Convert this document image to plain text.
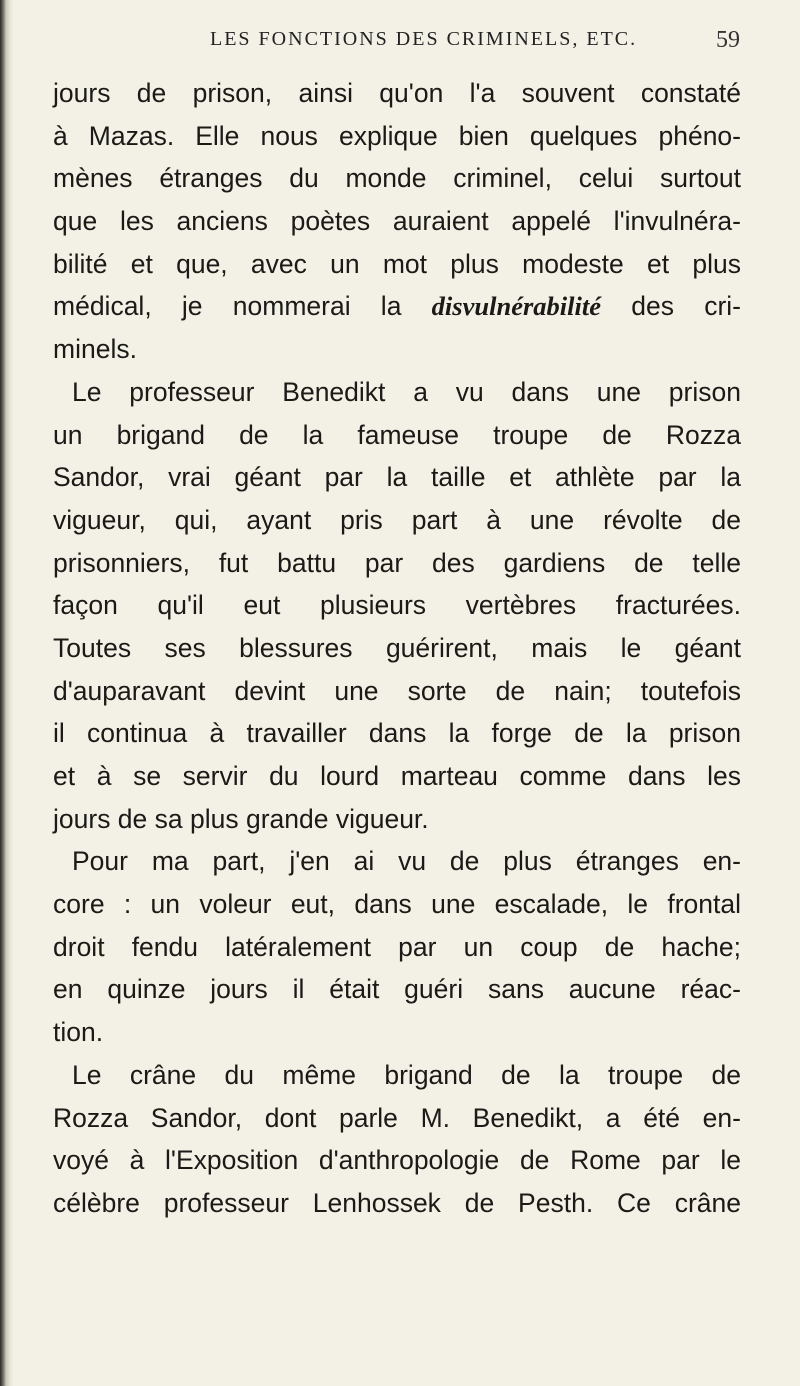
LES FONCTIONS DES CRIMINELS, ETC.	59
jours de prison, ainsi qu'on l'a souvent constaté
à Mazas. Elle nous explique bien quelques phéno-
mènes étranges du monde criminel, celui surtout
que les anciens poètes auraient appelé l'invulnéra-
bilité et que, avec un mot plus modeste et plus
médical, je nommerai la disvulnérabilité des cri-
minels.
Le professeur Benedikt a vu dans une prison
un brigand de la fameuse troupe de Rozza
Sandor, vrai géant par la taille et athlète par la
vigueur, qui, ayant pris part à une révolte de
prisonniers, fut battu par des gardiens de telle
façon qu'il eut plusieurs vertèbres fracturées.
Toutes ses blessures guérirent, mais le géant
d'auparavant devint une sorte de nain; toutefois
il continua à travailler dans la forge de la prison
et à se servir du lourd marteau comme dans les
jours de sa plus grande vigueur.
Pour ma part, j'en ai vu de plus étranges en-
core : un voleur eut, dans une escalade, le frontal
droit fendu latéralement par un coup de hache;
en quinze jours il était guéri sans aucune réac-
tion.
Le crâne du même brigand de la troupe de
Rozza Sandor, dont parle M. Benedikt, a été en-
voyé à l'Exposition d'anthropologie de Rome par le
célèbre professeur Lenhossek de Pesth. Ce crâne
